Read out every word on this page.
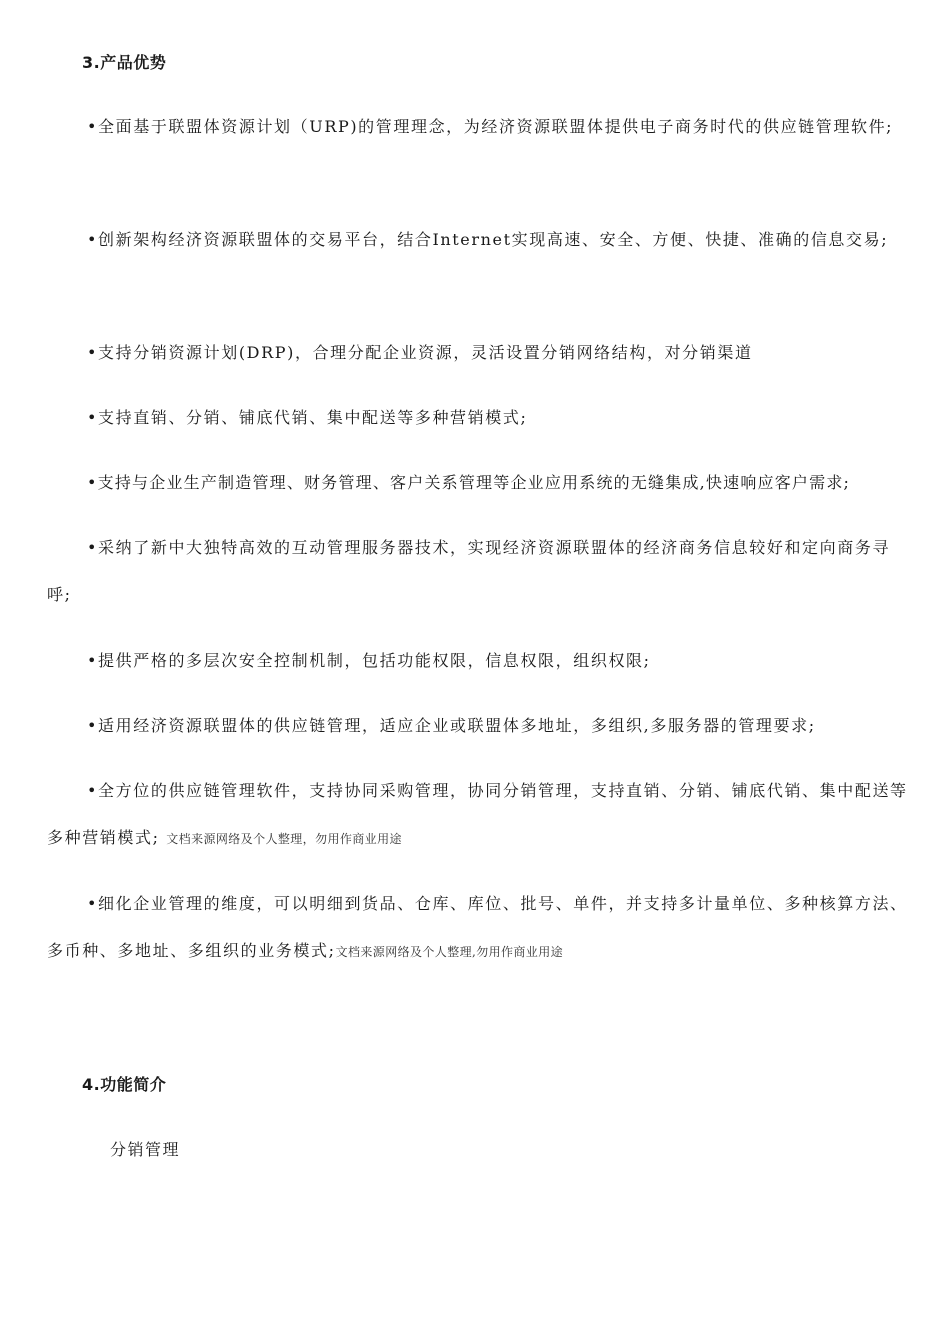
3.产品优势

•全面基于联盟体资源计划（URP)的管理理念，为经济资源联盟体提供电子商务时代的供应链管理软件;

•创新架构经济资源联盟体的交易平台，结合Internet实现高速、安全、方便、快捷、准确的信息交易;

•支持分销资源计划(DRP)，合理分配企业资源，灵活设置分销网络结构，对分销渠道

•支持直销、分销、铺底代销、集中配送等多种营销模式;

•支持与企业生产制造管理、财务管理、客户关系管理等企业应用系统的无缝集成,快速响应客户需求;

•采纳了新中大独特高效的互动管理服务器技术，实现经济资源联盟体的经济商务信息较好和定向商务寻呼;

•提供严格的多层次安全控制机制，包括功能权限，信息权限，组织权限;

•适用经济资源联盟体的供应链管理，适应企业或联盟体多地址，多组织,多服务器的管理要求;

•全方位的供应链管理软件，支持协同采购管理，协同分销管理，支持直销、分销、铺底代销、集中配送等多种营销模式; 文档来源网络及个人整理，勿用作商业用途

•细化企业管理的维度，可以明细到货品、仓库、库位、批号、单件，并支持多计量单位、多种核算方法、多币种、多地址、多组织的业务模式;文档来源网络及个人整理,勿用作商业用途

4.功能简介
分销管理
